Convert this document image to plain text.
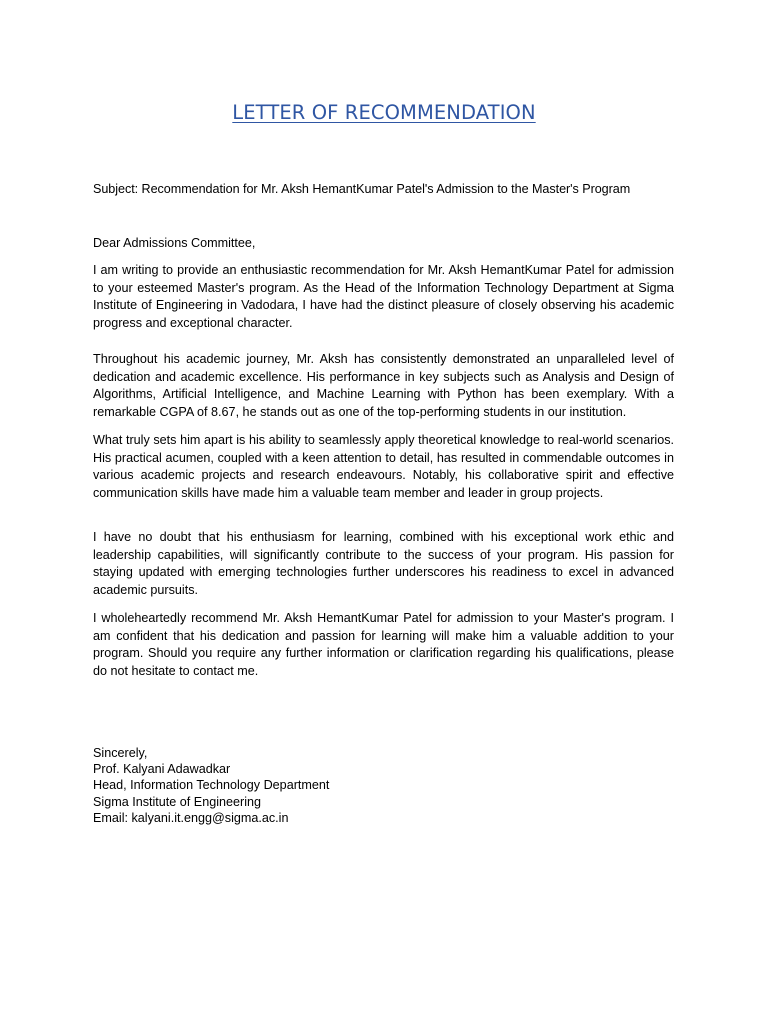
LETTER OF RECOMMENDATION
Subject: Recommendation for Mr. Aksh HemantKumar Patel's Admission to the Master's Program
Dear Admissions Committee,

I am writing to provide an enthusiastic recommendation for Mr. Aksh HemantKumar Patel for admission to your esteemed Master's program. As the Head of the Information Technology Department at Sigma Institute of Engineering in Vadodara, I have had the distinct pleasure of closely observing his academic progress and exceptional character.

Throughout his academic journey, Mr. Aksh has consistently demonstrated an unparalleled level of dedication and academic excellence. His performance in key subjects such as Analysis and Design of Algorithms, Artificial Intelligence, and Machine Learning with Python has been exemplary. With a remarkable CGPA of 8.67, he stands out as one of the top-performing students in our institution.

What truly sets him apart is his ability to seamlessly apply theoretical knowledge to real-world scenarios. His practical acumen, coupled with a keen attention to detail, has resulted in commendable outcomes in various academic projects and research endeavours. Notably, his collaborative spirit and effective communication skills have made him a valuable team member and leader in group projects.

I have no doubt that his enthusiasm for learning, combined with his exceptional work ethic and leadership capabilities, will significantly contribute to the success of your program. His passion for staying updated with emerging technologies further underscores his readiness to excel in advanced academic pursuits.

I wholeheartedly recommend Mr. Aksh HemantKumar Patel for admission to your Master's program. I am confident that his dedication and passion for learning will make him a valuable addition to your program. Should you require any further information or clarification regarding his qualifications, please do not hesitate to contact me.

Sincerely,
Prof. Kalyani Adawadkar
Head, Information Technology Department
Sigma Institute of Engineering
Email: kalyani.it.engg@sigma.ac.in
